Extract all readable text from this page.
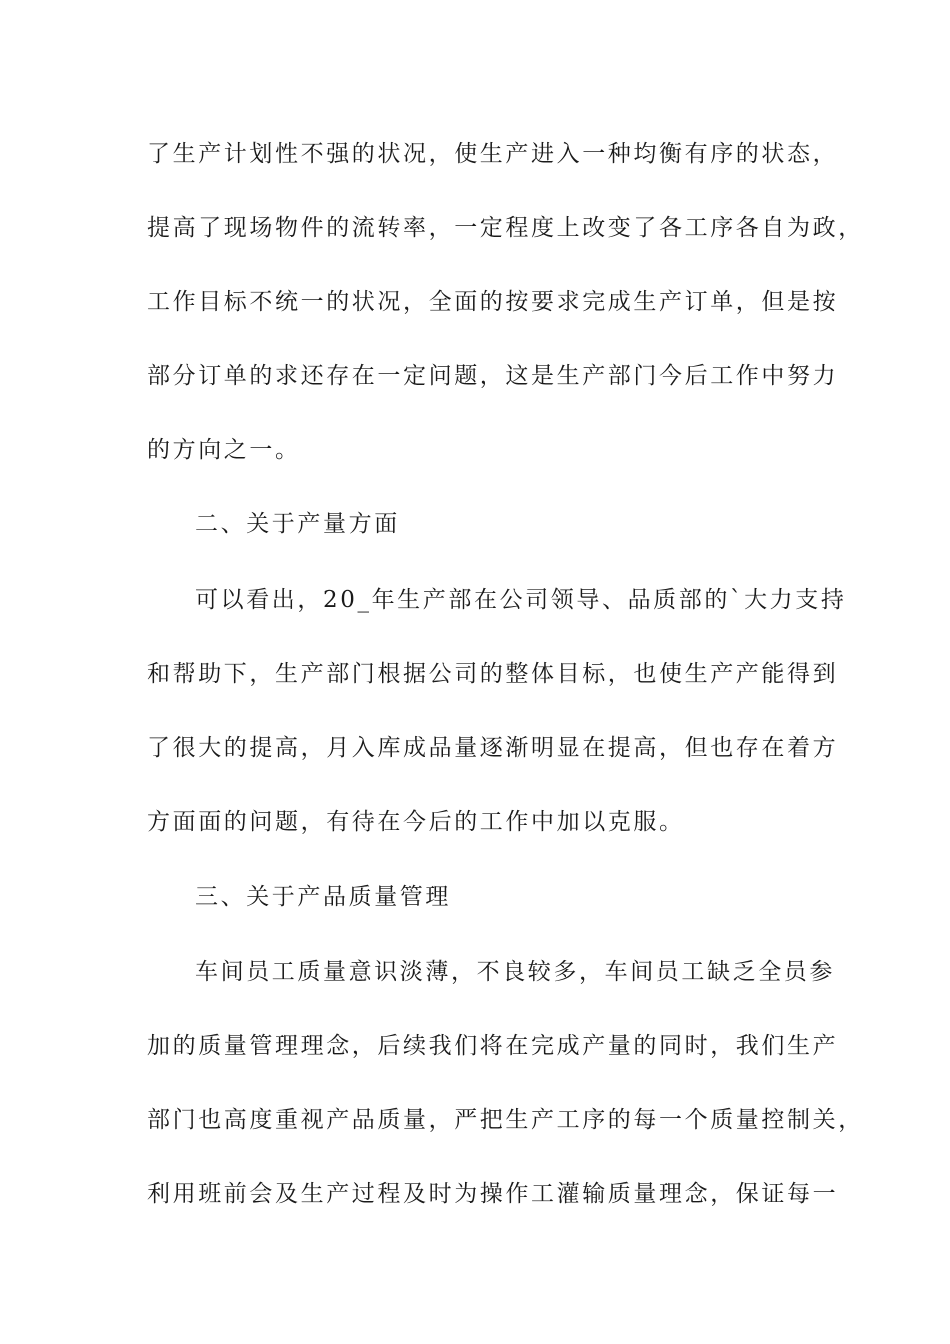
了生产计划性不强的状况，使生产进入一种均衡有序的状态，
提高了现场物件的流转率，一定程度上改变了各工序各自为政，
工作目标不统一的状况，全面的按要求完成生产订单，但是按
部分订单的求还存在一定问题，这是生产部门今后工作中努力
的方向之一。
二、关于产量方面
可以看出，20_年生产部在公司领导、品质部的`大力支持
和帮助下，生产部门根据公司的整体目标，也使生产产能得到
了很大的提高，月入库成品量逐渐明显在提高，但也存在着方
方面面的问题，有待在今后的工作中加以克服。
三、关于产品质量管理
车间员工质量意识淡薄，不良较多，车间员工缺乏全员参
加的质量管理理念，后续我们将在完成产量的同时，我们生产
部门也高度重视产品质量，严把生产工序的每一个质量控制关，
利用班前会及生产过程及时为操作工灌输质量理念，保证每一
